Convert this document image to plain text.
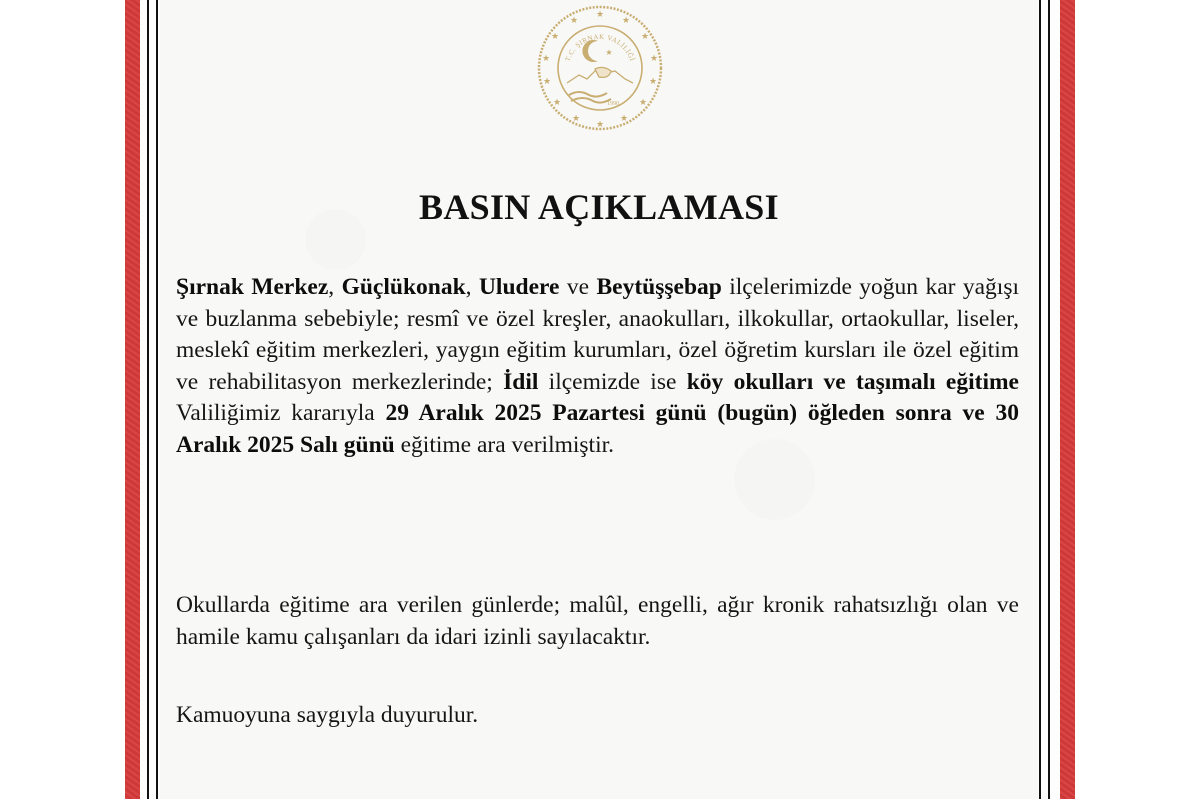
★
★
★
★
★
★
★
★
★
★
★
★
★
★
★
T.C. ŞIRNAK VALİLİĞİ
1990
BASIN AÇIKLAMASI
Şırnak Merkez, Güçlükonak, Uludere ve Beytüşşebap ilçelerimizde yoğun kar yağışı ve buzlanma sebebiyle; resmî ve özel kreşler, anaokulları, ilkokullar, ortaokullar, liseler, meslekî eğitim merkezleri, yaygın eğitim kurumları, özel öğretim kursları ile özel eğitim ve rehabilitasyon merkezlerinde; İdil ilçemizde ise köy okulları ve taşımalı eğitime Valiliğimiz kararıyla 29 Aralık 2025 Pazartesi günü (bugün) öğleden sonra ve 30 Aralık 2025 Salı günü eğitime ara verilmiştir.
Okullarda eğitime ara verilen günlerde; malûl, engelli, ağır kronik rahatsızlığı olan ve hamile kamu çalışanları da idari izinli sayılacaktır.
Kamuoyuna saygıyla duyurulur.
